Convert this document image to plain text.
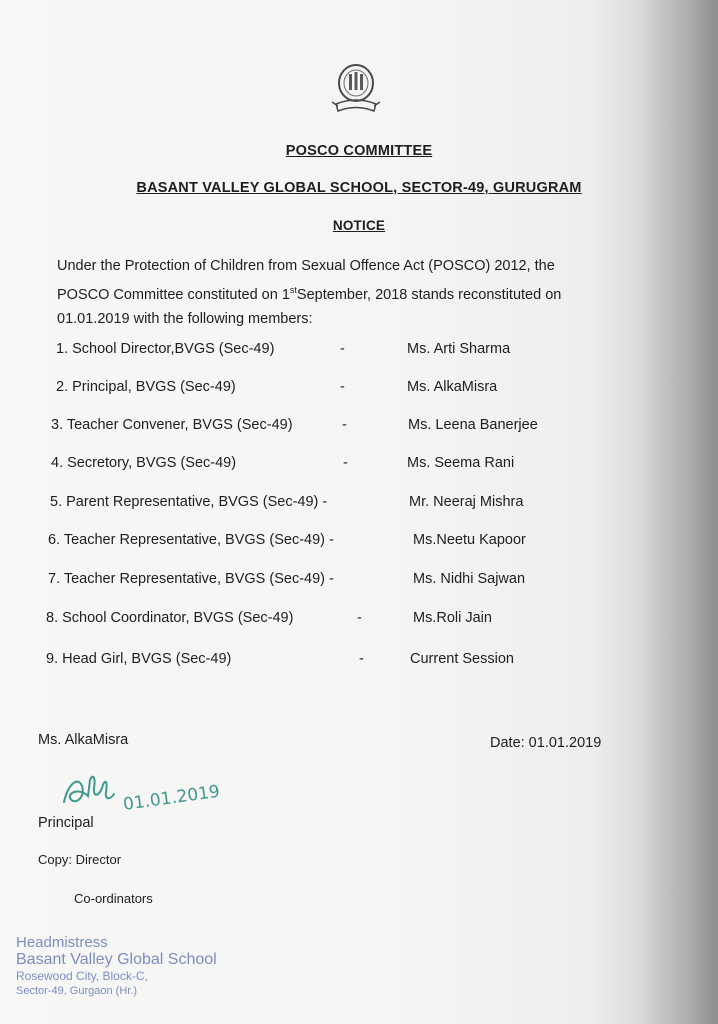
POSCO COMMITTEE
BASANT VALLEY GLOBAL SCHOOL, SECTOR-49, GURUGRAM
NOTICE
Under the Protection of Children from Sexual Offence Act (POSCO) 2012, the
POSCO Committee constituted on 1stSeptember, 2018 stands reconstituted on
01.01.2019 with the following members:
1. School Director,BVGS (Sec-49)	-	Ms. Arti Sharma
2. Principal, BVGS (Sec-49)	-	Ms. AlkaMisra
3. Teacher Convener, BVGS (Sec-49)	-	Ms. Leena Banerjee
4. Secretory, BVGS (Sec-49)	-	Ms. Seema Rani
5. Parent Representative, BVGS (Sec-49) -	Mr. Neeraj Mishra
6. Teacher Representative, BVGS (Sec-49) -	Ms.Neetu Kapoor
7. Teacher Representative, BVGS (Sec-49) -	Ms. Nidhi Sajwan
8. School Coordinator, BVGS (Sec-49)	-	Ms.Roli Jain
9. Head Girl, BVGS (Sec-49)	-	Current Session
Ms. AlkaMisra	Date: 01.01.2019
01.01.2019
Principal
Copy: Director
Co-ordinators
Headmistress
Basant Valley Global School
Rosewood City, Block-C,
Sector-49, Gurgaon (Hr.)
